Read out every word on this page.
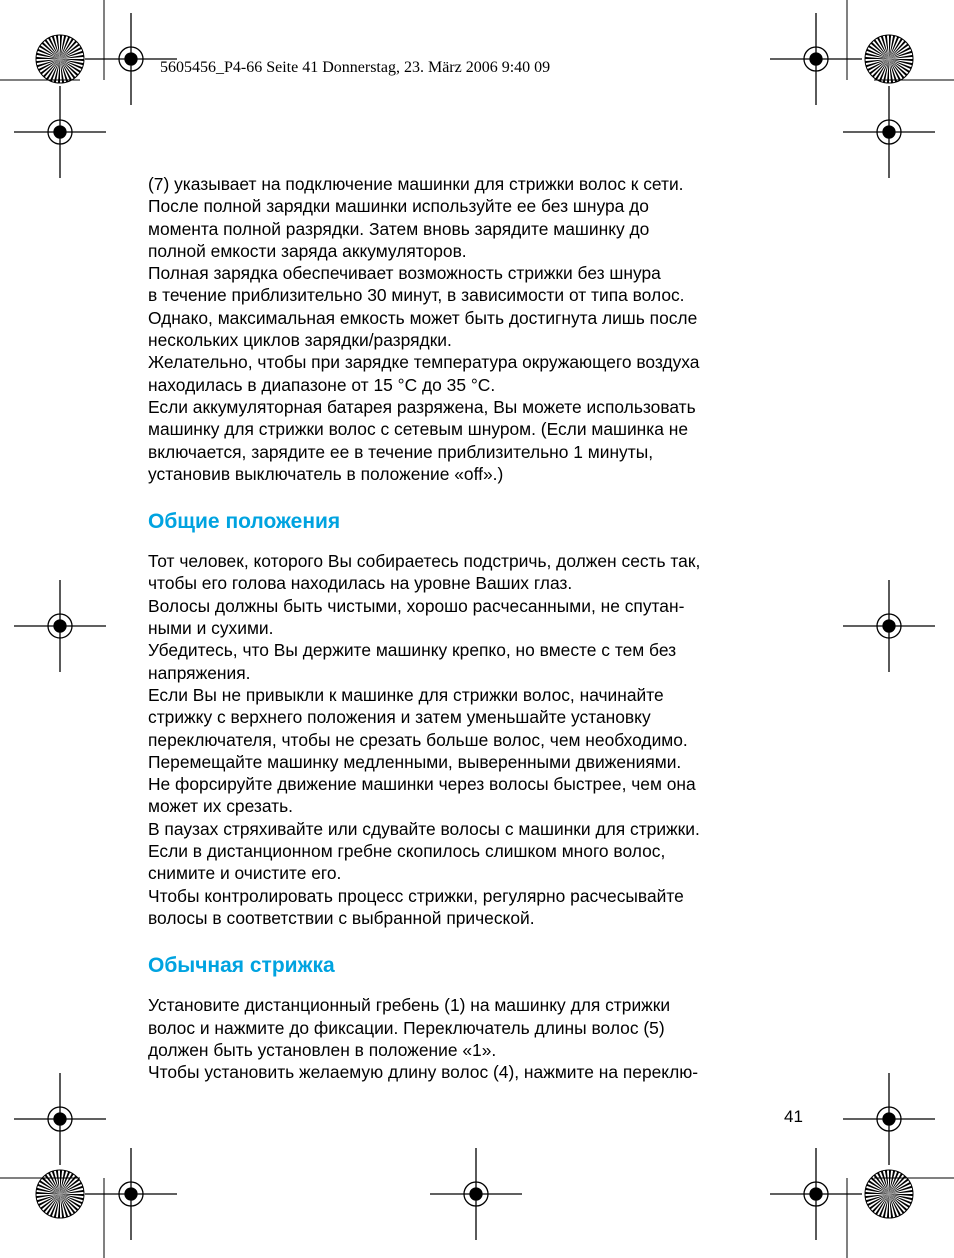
5605456_P4-66 Seite 41 Donnerstag, 23. März 2006 9:40 09

(7) указывает на подключение машинки для стрижки волос к сети.
После полной зарядки машинки используйте ее без шнура до
момента полной разрядки. Затем вновь зарядите машинку до
полной емкости заряда аккумуляторов.
Полная зарядка обеспечивает возможность стрижки без шнура
в течение приблизительно 30 минут, в зависимости от типа волос.
Однако, максимальная емкость может быть достигнута лишь после
нескольких циклов зарядки/разрядки.
Желательно, чтобы при зарядке температура окружающего воздуха
находилась в диапазоне от 15 °C до 35 °C.
Если аккумуляторная батарея разряжена, Вы можете использовать
машинку для стрижки волос с сетевым шнуром. (Если машинка не
включается, зарядите ее в течение приблизительно 1 минуты,
установив выключатель в положение «off».)

Общие положения

Тот человек, которого Вы собираетесь подстричь, должен сесть так,
чтобы его голова находилась на уровне Ваших глаз.
Волосы должны быть чистыми, хорошо расчесанными, не спутан-
ными и сухими.
Убедитесь, что Вы держите машинку крепко, но вместе с тем без
напряжения.
Если Вы не привыкли к машинке для стрижки волос, начинайте
стрижку с верхнего положения и затем уменьшайте установку
переключателя, чтобы не срезать больше волос, чем необходимо.
Перемещайте машинку медленными, выверенными движениями.
Не форсируйте движение машинки через волосы быстрее, чем она
может их срезать.
В паузах стряхивайте или сдувайте волосы с машинки для стрижки.
Если в дистанционном гребне скопилось слишком много волос,
снимите и очистите его.
Чтобы контролировать процесс стрижки, регулярно расчесывайте
волосы в соответствии с выбранной прической.

Обычная стрижка

Установите дистанционный гребень (1) на машинку для стрижки
волос и нажмите до фиксации. Переключатель длины волос (5)
должен быть установлен в положение «1».
Чтобы установить желаемую длину волос (4), нажмите на переклю-

41
